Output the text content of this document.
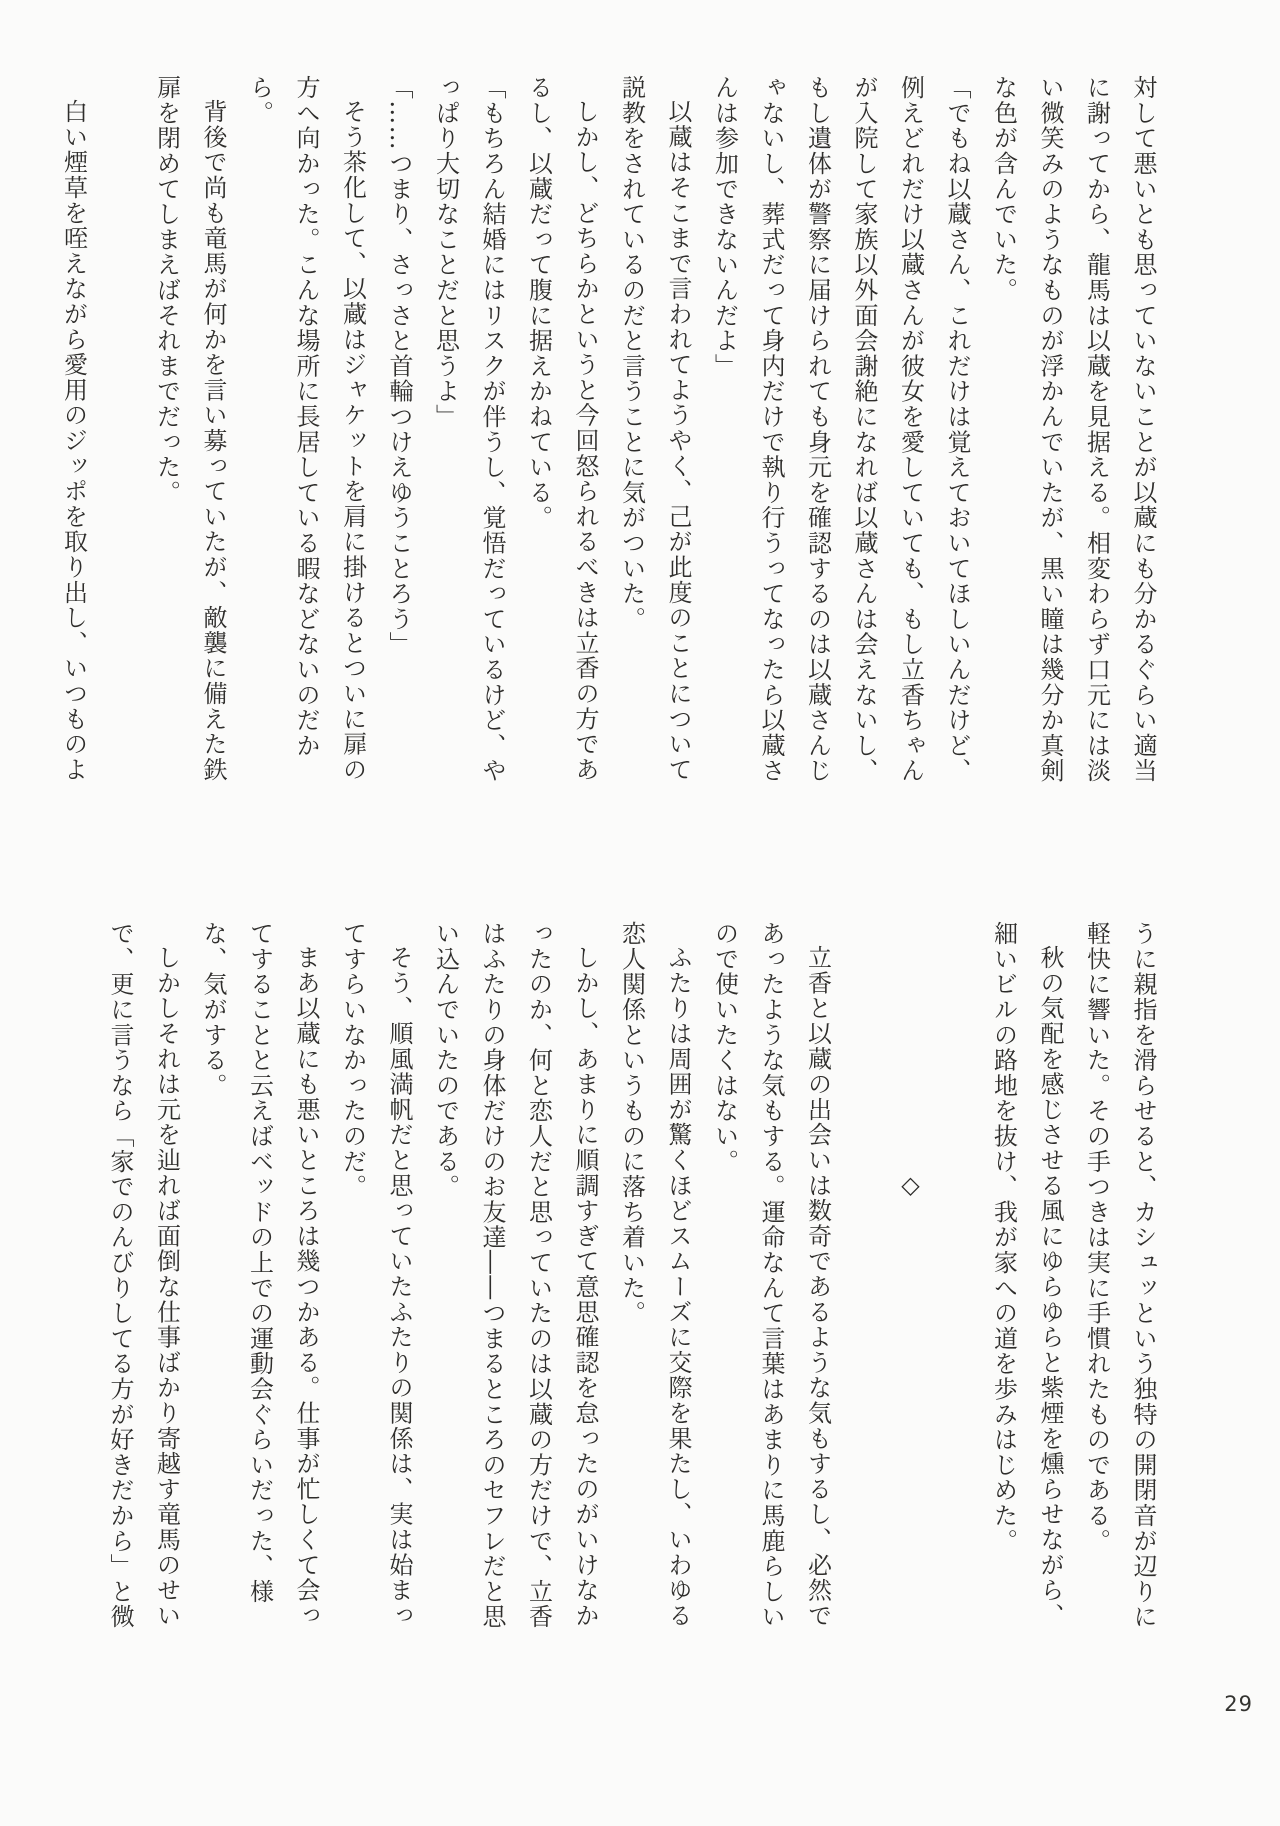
対して悪いとも思っていないことが以蔵にも分かるぐらい適当に謝ってから、龍馬は以蔵を見据える。相変わらず口元には淡い微笑みのようなものが浮かんでいたが、黒い瞳は幾分か真剣な色が含んでいた。

「でもね以蔵さん、これだけは覚えておいてほしいんだけど、例えどれだけ以蔵さんが彼女を愛していても、もし立香ちゃんが入院して家族以外面会謝絶になれば以蔵さんは会えないし、もし遺体が警察に届けられても身元を確認するのは以蔵さんじゃないし、葬式だって身内だけで執り行うってなったら以蔵さんは参加できないんだよ」

以蔵はそこまで言われてようやく、己が此度のことについて説教をされているのだと言うことに気がついた。

しかし、どちらかというと今回怒られるべきは立香の方であるし、以蔵だって腹に据えかねている。

「もちろん結婚にはリスクが伴うし、覚悟だっているけど、やっぱり大切なことだと思うよ」

「……つまり、さっさと首輪つけえゆうことろう」

そう茶化して、以蔵はジャケットを肩に掛けるとついに扉の方へ向かった。こんな場所に長居している暇などないのだから。

背後で尚も竜馬が何かを言い募っていたが、敵襲に備えた鉄扉を閉めてしまえばそれまでだった。

白い煙草を咥えながら愛用のジッポを取り出し、いつものよ

うに親指を滑らせると、カシュッという独特の開閉音が辺りに軽快に響いた。その手つきは実に手慣れたものである。

秋の気配を感じさせる風にゆらゆらと紫煙を燻らせながら、細いビルの路地を抜け、我が家への道を歩みはじめた。

◇

立香と以蔵の出会いは数奇であるような気もするし、必然であったような気もする。運命なんて言葉はあまりに馬鹿らしいので使いたくはない。

ふたりは周囲が驚くほどスムーズに交際を果たし、いわゆる恋人関係というものに落ち着いた。

しかし、あまりに順調すぎて意思確認を怠ったのがいけなかったのか、何と恋人だと思っていたのは以蔵の方だけで、立香はふたりの身体だけのお友達――つまるところのセフレだと思い込んでいたのである。

そう、順風満帆だと思っていたふたりの関係は、実は始まってすらいなかったのだ。

まあ以蔵にも悪いところは幾つかある。仕事が忙しくて会ってすることと云えばベッドの上での運動会ぐらいだった、様な、気がする。

しかしそれは元を辿れば面倒な仕事ばかり寄越す竜馬のせいで、更に言うなら「家でのんびりしてる方が好きだから」と微

29
